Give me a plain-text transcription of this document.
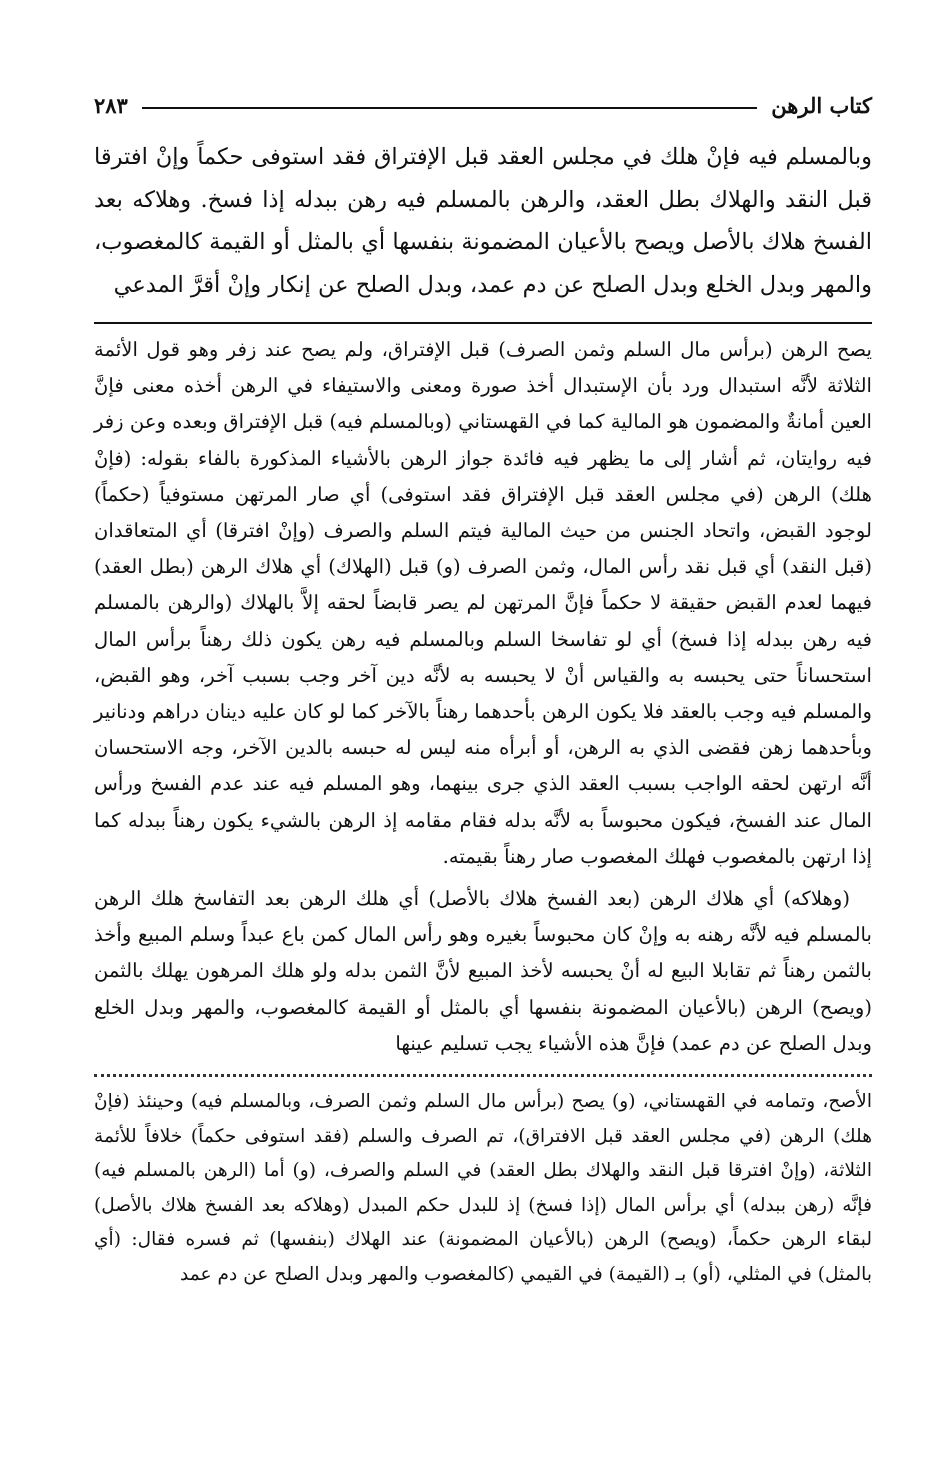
كتاب الرهن
٢٨٣

وبالمسلم فيه فإنْ هلك في مجلس العقد قبل الإفتراق فقد استوفى حكماً وإنْ افترقا قبل النقد والهلاك بطل العقد، والرهن بالمسلم فيه رهن ببدله إذا فسخ. وهلاكه بعد الفسخ هلاك بالأصل ويصح بالأعيان المضمونة بنفسها أي بالمثل أو القيمة كالمغصوب، والمهر وبدل الخلع وبدل الصلح عن دم عمد، وبدل الصلح عن إنكار وإنْ أقرَّ المدعي

يصح الرهن (برأس مال السلم وثمن الصرف) قبل الإفتراق، ولم يصح عند زفر وهو قول الأئمة الثلاثة لأنَّه استبدال ورد بأن الإستبدال أخذ صورة ومعنى والاستيفاء في الرهن أخذه معنى فإنَّ العين أمانةٌ والمضمون هو المالية كما في القهستاني (وبالمسلم فيه) قبل الإفتراق وبعده وعن زفر فيه روايتان، ثم أشار إلى ما يظهر فيه فائدة جواز الرهن بالأشياء المذكورة بالفاء بقوله: (فإنْ هلك) الرهن (في مجلس العقد قبل الإفتراق فقد استوفى) أي صار المرتهن مستوفياً (حكماً) لوجود القبض، واتحاد الجنس من حيث المالية فيتم السلم والصرف (وإنْ افترقا) أي المتعاقدان (قبل النقد) أي قبل نقد رأس المال، وثمن الصرف (و) قبل (الهلاك) أي هلاك الرهن (بطل العقد) فيهما لعدم القبض حقيقة لا حكماً فإنَّ المرتهن لم يصر قابضاً لحقه إلاَّ بالهلاك (والرهن بالمسلم فيه رهن ببدله إذا فسخ) أي لو تفاسخا السلم وبالمسلم فيه رهن يكون ذلك رهناً برأس المال استحساناً حتى يحبسه به والقياس أنْ لا يحبسه به لأنَّه دين آخر وجب بسبب آخر، وهو القبض، والمسلم فيه وجب بالعقد فلا يكون الرهن بأحدهما رهناً بالآخر كما لو كان عليه دينان دراهم ودنانير وبأحدهما زهن فقضى الذي به الرهن، أو أبرأه منه ليس له حبسه بالدين الآخر، وجه الاستحسان أنَّه ارتهن لحقه الواجب بسبب العقد الذي جرى بينهما، وهو المسلم فيه عند عدم الفسخ ورأس المال عند الفسخ، فيكون محبوساً به لأنَّه بدله فقام مقامه إذ الرهن بالشيء يكون رهناً ببدله كما إذا ارتهن بالمغصوب فهلك المغصوب صار رهناً بقيمته.

(وهلاكه) أي هلاك الرهن (بعد الفسخ هلاك بالأصل) أي هلك الرهن بعد التفاسخ هلك الرهن بالمسلم فيه لأنَّه رهنه به وإنْ كان محبوساً بغيره وهو رأس المال كمن باع عبداً وسلم المبيع وأخذ بالثمن رهناً ثم تقابلا البيع له أنْ يحبسه لأخذ المبيع لأنَّ الثمن بدله ولو هلك المرهون يهلك بالثمن (ويصح) الرهن (بالأعيان المضمونة بنفسها أي بالمثل أو القيمة كالمغصوب، والمهر وبدل الخلع وبدل الصلح عن دم عمد) فإنَّ هذه الأشياء يجب تسليم عينها

الأصح، وتمامه في القهستاني، (و) يصح (برأس مال السلم وثمن الصرف، وبالمسلم فيه) وحينئذ (فإنْ هلك) الرهن (في مجلس العقد قبل الافتراق)، تم الصرف والسلم (فقد استوفى حكماً) خلافاً للأئمة الثلاثة، (وإنْ افترقا قبل النقد والهلاك بطل العقد) في السلم والصرف، (و) أما (الرهن بالمسلم فيه) فإنَّه (رهن ببدله) أي برأس المال (إذا فسخ) إذ للبدل حكم المبدل (وهلاكه بعد الفسخ هلاك بالأصل) لبقاء الرهن حكماً، (ويصح) الرهن (بالأعيان المضمونة) عند الهلاك (بنفسها) ثم فسره فقال: (أي بالمثل) في المثلي، (أو) بـ (القيمة) في القيمي (كالمغصوب والمهر وبدل الصلح عن دم عمد
